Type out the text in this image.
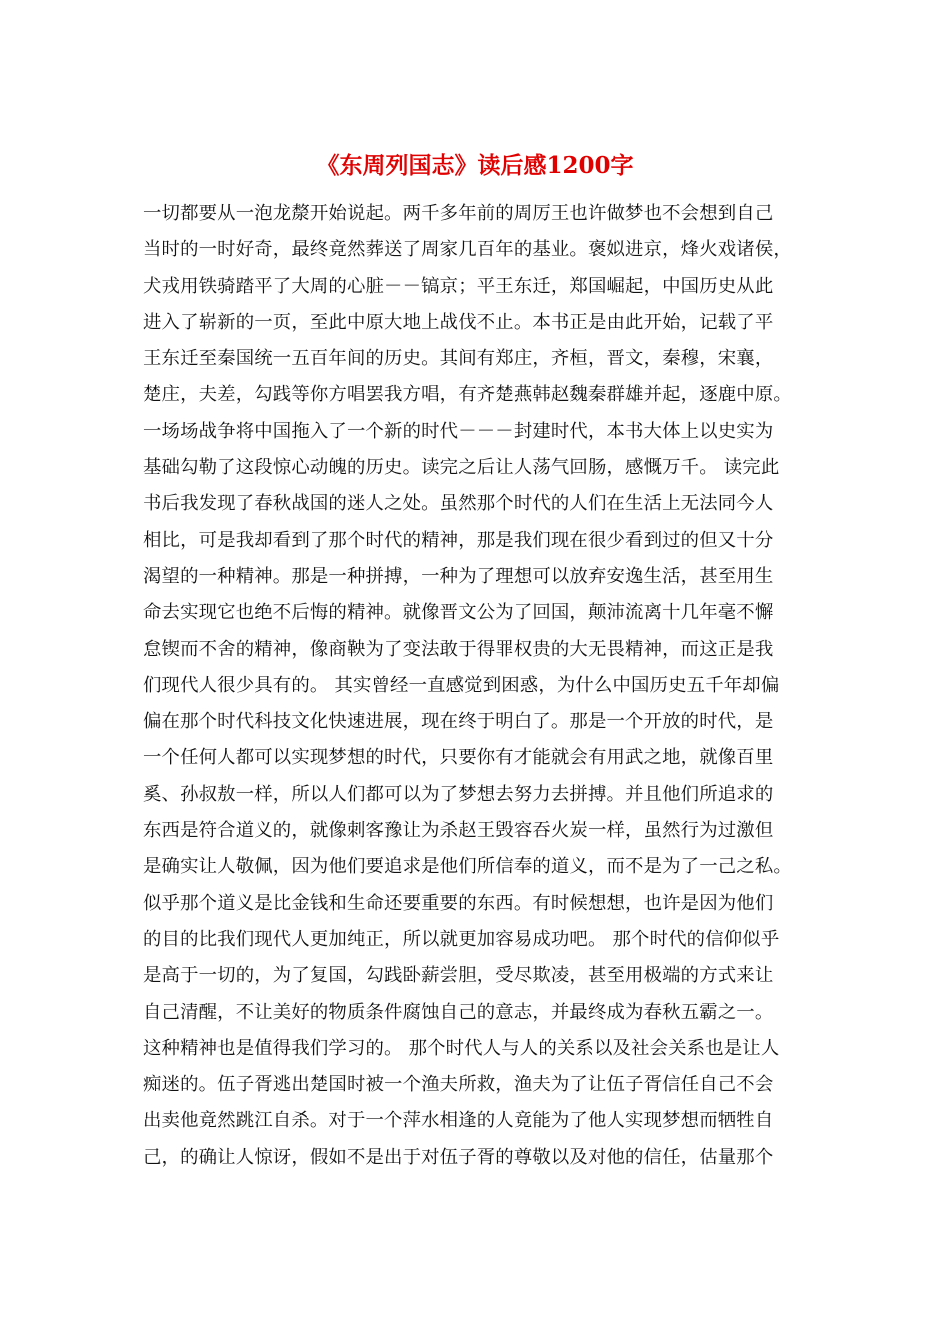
《东周列国志》读后感1200字
一切都要从一泡龙漦开始说起。两千多年前的周厉王也许做梦也不会想到自己
当时的一时好奇，最终竟然葬送了周家几百年的基业。褒姒进京，烽火戏诸侯，
犬戎用铁骑踏平了大周的心脏－－镐京；平王东迁，郑国崛起，中国历史从此
进入了崭新的一页，至此中原大地上战伐不止。本书正是由此开始，记载了平
王东迁至秦国统一五百年间的历史。其间有郑庄，齐桓，晋文，秦穆，宋襄，
楚庄，夫差，勾践等你方唱罢我方唱，有齐楚燕韩赵魏秦群雄并起，逐鹿中原。
一场场战争将中国拖入了一个新的时代－－－封建时代，本书大体上以史实为
基础勾勒了这段惊心动魄的历史。读完之后让人荡气回肠，感慨万千。 读完此
书后我发现了春秋战国的迷人之处。虽然那个时代的人们在生活上无法同今人
相比，可是我却看到了那个时代的精神，那是我们现在很少看到过的但又十分
渴望的一种精神。那是一种拼搏，一种为了理想可以放弃安逸生活，甚至用生
命去实现它也绝不后悔的精神。就像晋文公为了回国，颠沛流离十几年毫不懈
怠锲而不舍的精神，像商鞅为了变法敢于得罪权贵的大无畏精神，而这正是我
们现代人很少具有的。 其实曾经一直感觉到困惑，为什么中国历史五千年却偏
偏在那个时代科技文化快速进展，现在终于明白了。那是一个开放的时代，是
一个任何人都可以实现梦想的时代，只要你有才能就会有用武之地，就像百里
奚、孙叔敖一样，所以人们都可以为了梦想去努力去拼搏。并且他们所追求的
东西是符合道义的，就像刺客豫让为杀赵王毁容吞火炭一样，虽然行为过激但
是确实让人敬佩，因为他们要追求是他们所信奉的道义，而不是为了一己之私。
似乎那个道义是比金钱和生命还要重要的东西。有时候想想，也许是因为他们
的目的比我们现代人更加纯正，所以就更加容易成功吧。 那个时代的信仰似乎
是高于一切的，为了复国，勾践卧薪尝胆，受尽欺凌，甚至用极端的方式来让
自己清醒，不让美好的物质条件腐蚀自己的意志，并最终成为春秋五霸之一。
这种精神也是值得我们学习的。 那个时代人与人的关系以及社会关系也是让人
痴迷的。伍子胥逃出楚国时被一个渔夫所救，渔夫为了让伍子胥信任自己不会
出卖他竟然跳江自杀。对于一个萍水相逢的人竟能为了他人实现梦想而牺牲自
己，的确让人惊讶，假如不是出于对伍子胥的尊敬以及对他的信任，估量那个
